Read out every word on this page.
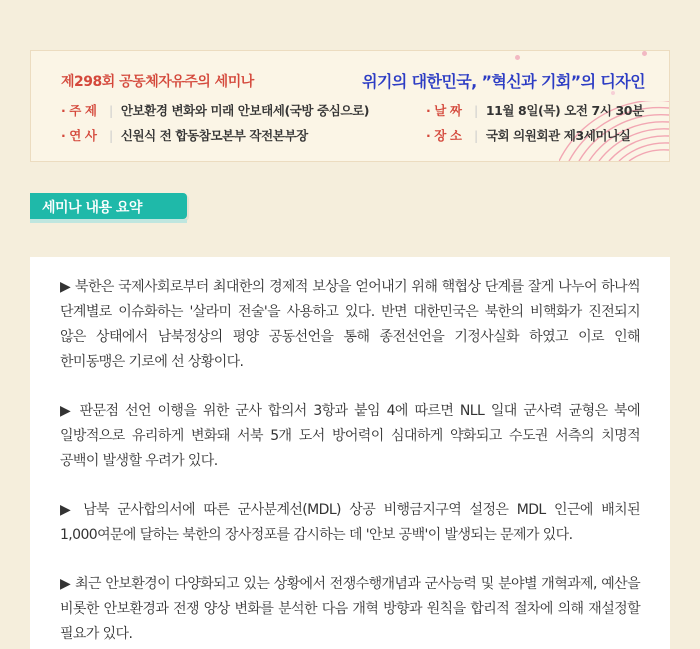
제298회 공동체자유주의 세미나	위기의 대한민국, ”혁신과 기회”의 디자인
· 주 제 | 안보환경 변화와 미래 안보태세(국방 중심으로)
· 연 사 | 신원식 전 합동참모본부 작전본부장
· 날 짜 | 11월 8일(목) 오전 7시 30분
· 장 소 | 국회 의원회관 제3세미나실
세미나 내용 요약

▶ 북한은 국제사회로부터 최대한의 경제적 보상을 얻어내기 위해 핵협상 단계를 잘게 나누어 하나씩 단계별로 이슈화하는 '살라미 전술'을 사용하고 있다. 반면 대한민국은 북한의 비핵화가 진전되지 않은 상태에서 남북정상의 평양 공동선언을 통해 종전선언을 기정사실화 하였고 이로 인해 한미동맹은 기로에 선 상황이다.

▶ 판문점 선언 이행을 위한 군사 합의서 3항과 붙임 4에 따르면 NLL 일대 군사력 균형은 북에 일방적으로 유리하게 변화돼 서북 5개 도서 방어력이 심대하게 약화되고 수도권 서측의 치명적 공백이 발생할 우려가 있다.

▶ 남북 군사합의서에 따른 군사분계선(MDL) 상공 비행금지구역 설정은 MDL 인근에 배치된 1,000여문에 달하는 북한의 장사정포를 감시하는 데 '안보 공백'이 발생되는 문제가 있다.

▶ 최근 안보환경이 다양화되고 있는 상황에서 전쟁수행개념과 군사능력 및 분야별 개혁과제, 예산을 비롯한 안보환경과 전쟁 양상 변화를 분석한 다음 개혁 방향과 원칙을 합리적 절차에 의해 재설정할 필요가 있다.
